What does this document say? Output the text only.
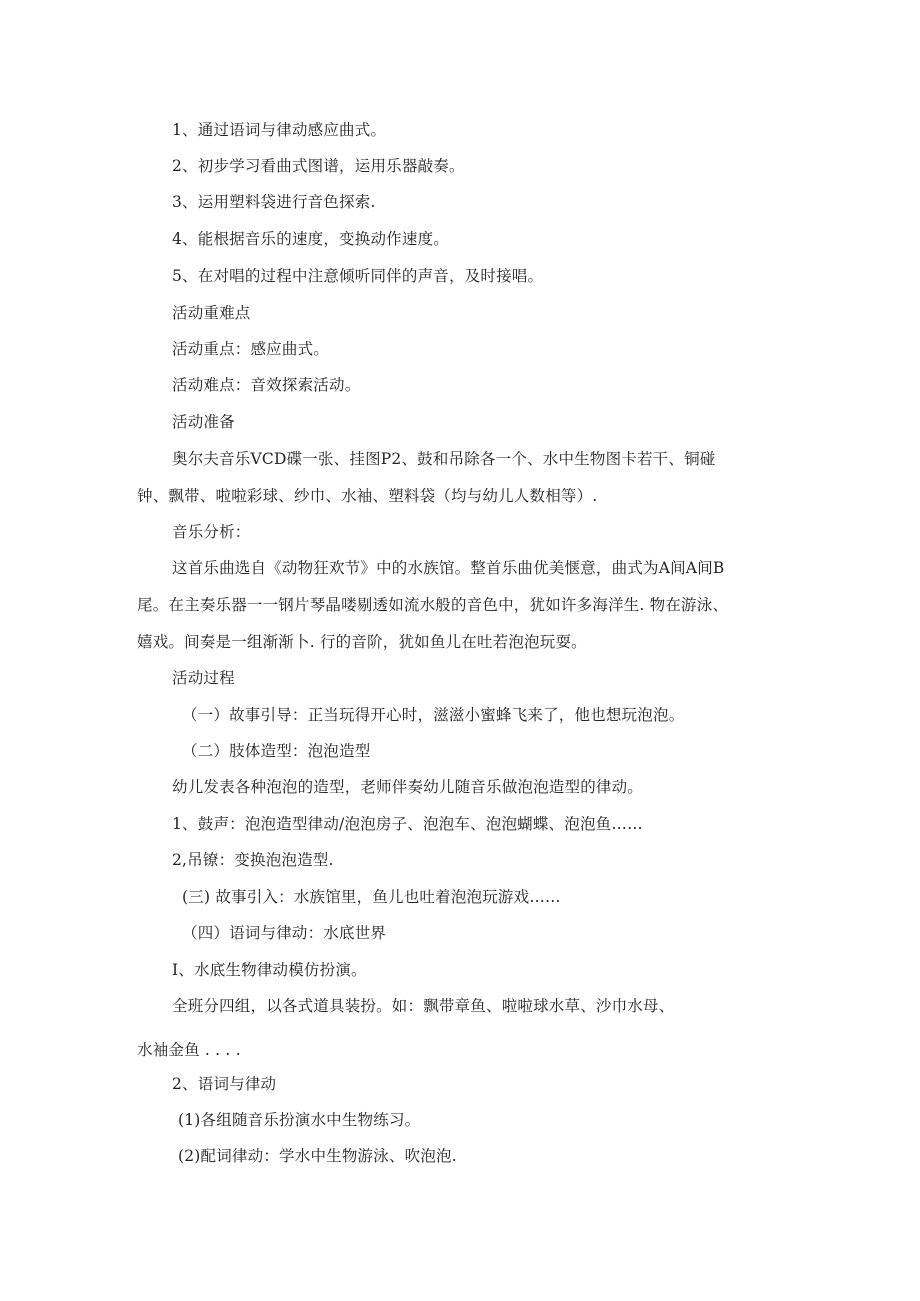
1、通过语词与律动感应曲式。
2、初步学习看曲式图谱，运用乐器敲奏。
3、运用塑料袋进行音色探索.
4、能根据音乐的速度，变换动作速度。
5、在对唱的过程中注意倾听同伴的声音，及时接唱。
活动重难点
活动重点：感应曲式。
活动难点：音效探索活动。
活动准备
奥尔夫音乐VCD碟一张、挂图P2、鼓和吊除各一个、水中生物图卡若干、铜碰
钟、飘带、啦啦彩球、纱巾、水袖、塑料袋（均与幼儿人数相等）.
音乐分析：
这首乐曲选自《动物狂欢节》中的水族馆。整首乐曲优美惬意，曲式为A间A间B
尾。在主奏乐器一一钢片琴晶喽剔透如流水般的音色中，犹如许多海洋生. 物在游泳、
嬉戏。间奏是一组渐渐卜. 行的音阶，犹如鱼儿在吐若泡泡玩耍。
活动过程
（一）故事引导：正当玩得开心时，滋滋小蜜蜂飞来了，他也想玩泡泡。
（二）肢体造型：泡泡造型
幼儿发表各种泡泡的造型，老师伴奏幼儿随音乐做泡泡造型的律动。
1、鼓声：泡泡造型律动/泡泡房子、泡泡车、泡泡蝴蝶、泡泡鱼……
2,吊镣：变换泡泡造型.
(三) 故事引入：水族馆里，鱼儿也吐着泡泡玩游戏……
（四）语词与律动：水底世界
I、水底生物律动模仿扮演。
全班分四组，以各式道具装扮。如：飘带章鱼、啦啦球水草、沙巾水母、
水袖金鱼 . . . .
2、语词与律动
(1)各组随音乐扮演水中生物练习。
(2)配词律动：学水中生物游泳、吹泡泡.
